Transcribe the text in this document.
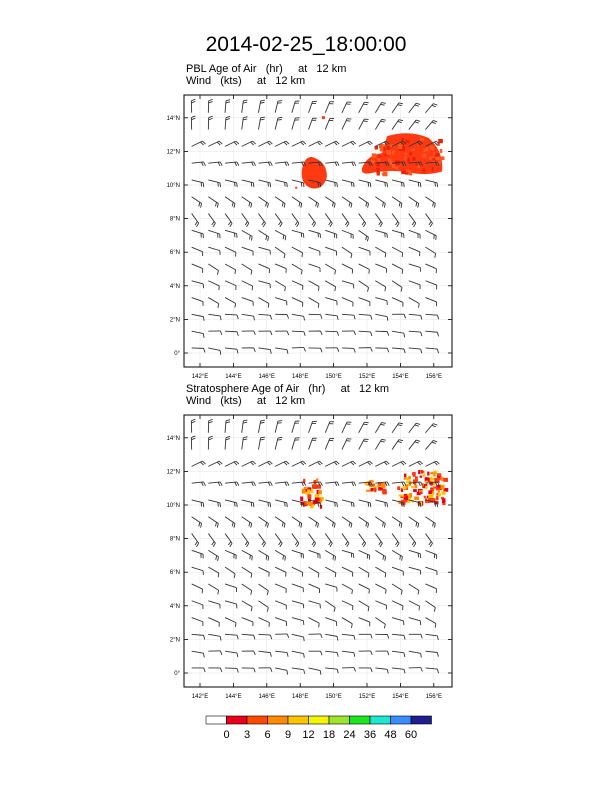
2014-02-25_18:00:00
PBL Age of Air   (hr)     at   12 km
Wind   (kts)     at   12 km
Stratosphere Age of Air   (hr)     at   12 km
Wind   (kts)     at   12 km
142°E	144°E	146°E	148°E	150°E	152°E	154°E	156°E
0°
2°N
4°N
6°N
8°N
10°N
12°N
14°N
142°E	144°E	146°E	148°E	150°E	152°E	154°E	156°E
0°
2°N
4°N
6°N
8°N
10°N
12°N
14°N
0 3 6 9 12 18 24 36 48 60
